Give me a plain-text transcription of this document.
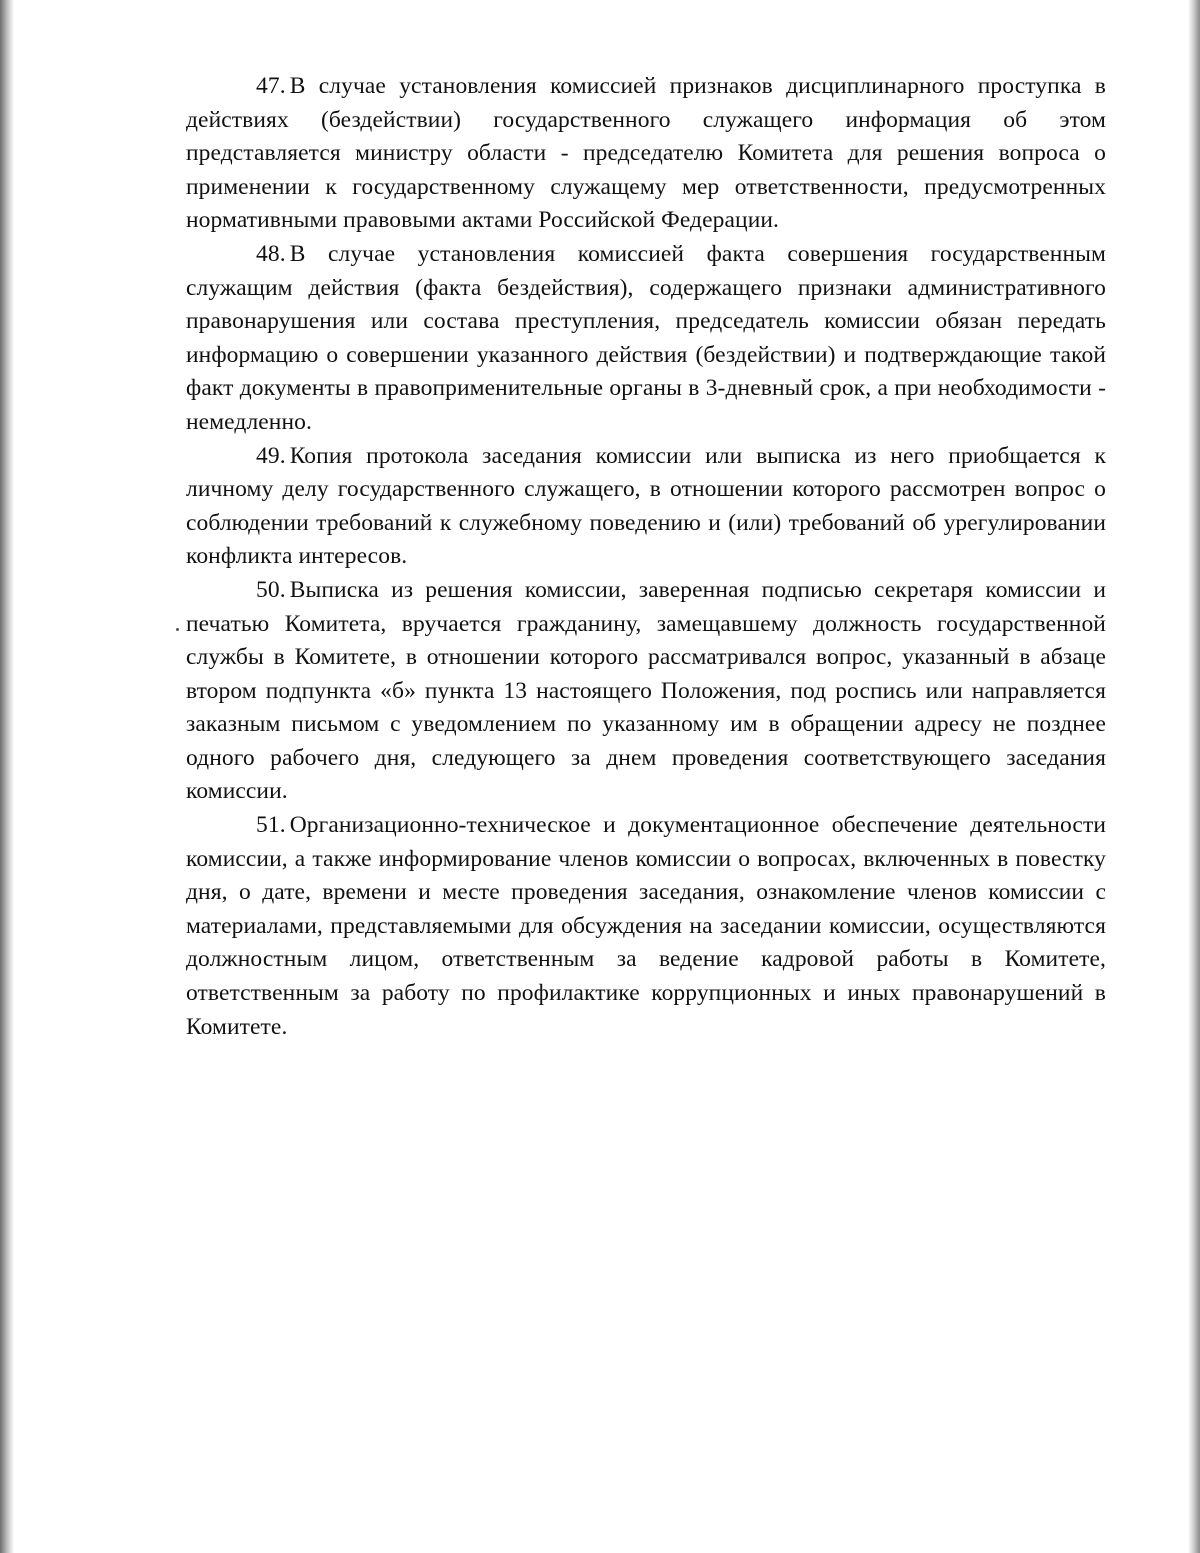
47. В случае установления комиссией признаков дисциплинарного проступка в действиях (бездействии) государственного служащего информация об этом представляется министру области - председателю Комитета для решения вопроса о применении к государственному служащему мер ответственности, предусмотренных нормативными правовыми актами Российской Федерации.

48. В случае установления комиссией факта совершения государственным служащим действия (факта бездействия), содержащего признаки административного правонарушения или состава преступления, председатель комиссии обязан передать информацию о совершении указанного действия (бездействии) и подтверждающие такой факт документы в правоприменительные органы в 3-дневный срок, а при необходимости - немедленно.

49. Копия протокола заседания комиссии или выписка из него приобщается к личному делу государственного служащего, в отношении которого рассмотрен вопрос о соблюдении требований к служебному поведению и (или) требований об урегулировании конфликта интересов.

50. Выписка из решения комиссии, заверенная подписью секретаря комиссии и печатью Комитета, вручается гражданину, замещавшему должность государственной службы в Комитете, в отношении которого рассматривался вопрос, указанный в абзаце втором подпункта «б» пункта 13 настоящего Положения, под роспись или направляется заказным письмом с уведомлением по указанному им в обращении адресу не позднее одного рабочего дня, следующего за днем проведения соответствующего заседания комиссии.

51. Организационно-техническое и документационное обеспечение деятельности комиссии, а также информирование членов комиссии о вопросах, включенных в повестку дня, о дате, времени и месте проведения заседания, ознакомление членов комиссии с материалами, представляемыми для обсуждения на заседании комиссии, осуществляются должностным лицом, ответственным за ведение кадровой работы в Комитете, ответственным за работу по профилактике коррупционных и иных правонарушений в Комитете.
